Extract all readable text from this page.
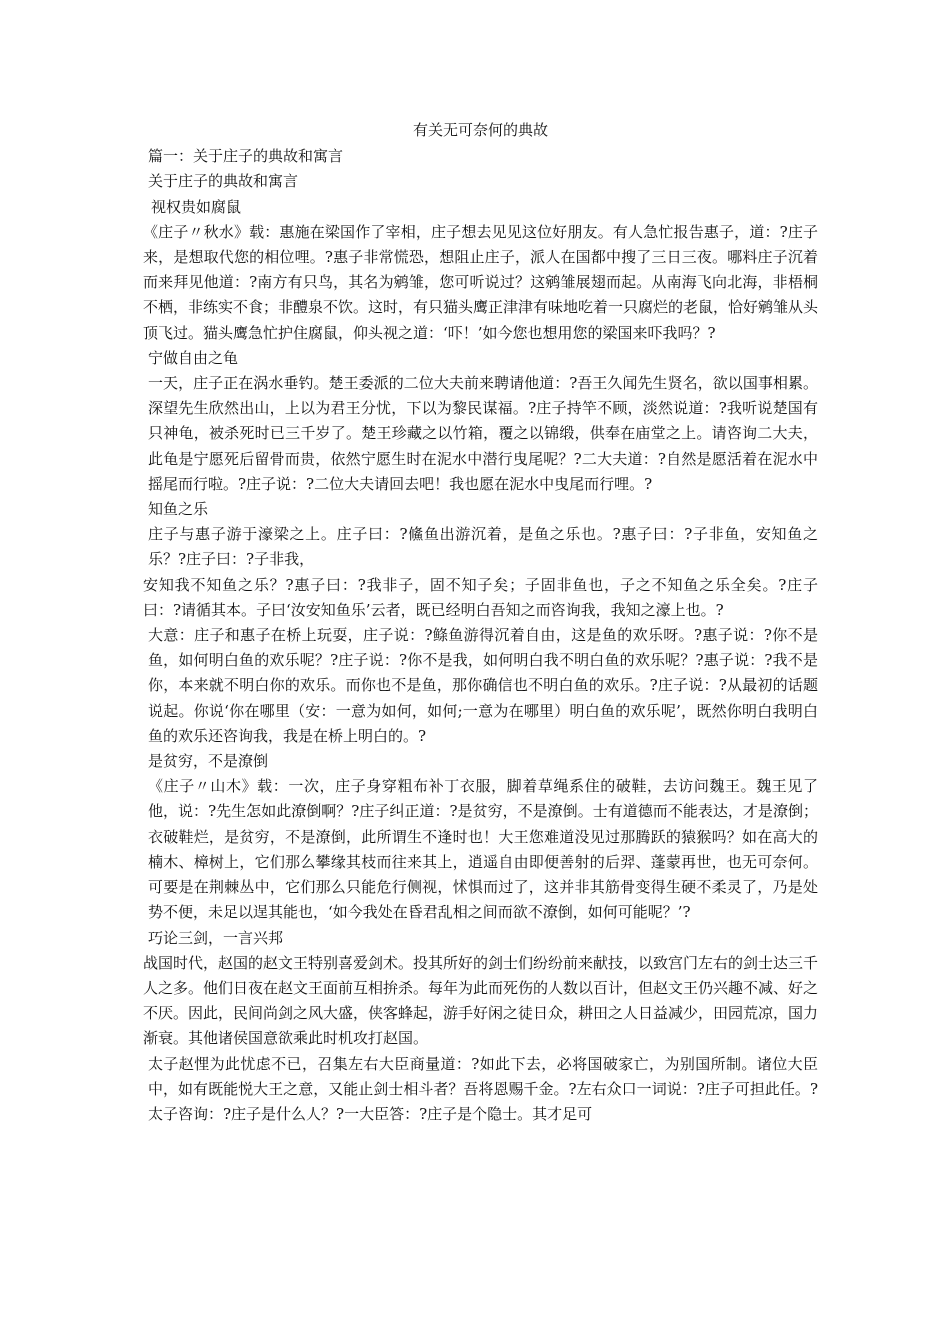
有关无可奈何的典故
篇一：关于庄子的典故和寓言
关于庄子的典故和寓言
视权贵如腐鼠
《庄子〃秋水》载：惠施在梁国作了宰相，庄子想去见见这位好朋友。有人急忙报告惠子，道：?庄子来，是想取代您的相位哩。?惠子非常慌恐，想阻止庄子，派人在国都中搜了三日三夜。哪料庄子沉着而来拜见他道：?南方有只鸟，其名为鹓雏，您可听说过？这鹓雏展翅而起。从南海飞向北海，非梧桐不栖，非练实不食；非醴泉不饮。这时，有只猫头鹰正津津有味地吃着一只腐烂的老鼠，恰好鹓雏从头顶飞过。猫头鹰急忙护住腐鼠，仰头视之道：‘吓！’如今您也想用您的梁国来吓我吗？?
宁做自由之龟
一天，庄子正在涡水垂钓。楚王委派的二位大夫前来聘请他道：?吾王久闻先生贤名，欲以国事相累。深望先生欣然出山，上以为君王分忧，下以为黎民谋福。?庄子持竿不顾，淡然说道：?我听说楚国有只神龟，被杀死时已三千岁了。楚王珍藏之以竹箱，覆之以锦缎，供奉在庙堂之上。请咨询二大夫，此龟是宁愿死后留骨而贵，依然宁愿生时在泥水中潜行曳尾呢？?二大夫道：?自然是愿活着在泥水中摇尾而行啦。?庄子说：?二位大夫请回去吧！我也愿在泥水中曳尾而行哩。?
知鱼之乐
庄子与惠子游于濠梁之上。庄子曰：?鯈鱼出游沉着，是鱼之乐也。?惠子曰：?子非鱼，安知鱼之乐？?庄子曰：?子非我，
安知我不知鱼之乐？?惠子曰：?我非子，固不知子矣；子固非鱼也，子之不知鱼之乐全矣。?庄子曰：?请循其本。子曰‘汝安知鱼乐’云者，既已经明白吾知之而咨询我，我知之濠上也。?
大意：庄子和惠子在桥上玩耍，庄子说：?鲦鱼游得沉着自由，这是鱼的欢乐呀。?惠子说：?你不是鱼，如何明白鱼的欢乐呢？?庄子说：?你不是我，如何明白我不明白鱼的欢乐呢？?惠子说：?我不是你，本来就不明白你的欢乐。而你也不是鱼，那你确信也不明白鱼的欢乐。?庄子说：?从最初的话题说起。你说‘你在哪里（安：一意为如何，如何;一意为在哪里）明白鱼的欢乐呢’，既然你明白我明白鱼的欢乐还咨询我，我是在桥上明白的。?
是贫穷，不是潦倒
《庄子〃山木》载：一次，庄子身穿粗布补丁衣服，脚着草绳系住的破鞋，去访问魏王。魏王见了他，说：?先生怎如此潦倒啊？?庄子纠正道：?是贫穷，不是潦倒。士有道德而不能表达，才是潦倒；衣破鞋烂，是贫穷，不是潦倒，此所谓生不逢时也！大王您难道没见过那腾跃的猿猴吗？如在高大的楠木、樟树上，它们那么攀缘其枝而往来其上，逍遥自由即便善射的后羿、蓬蒙再世，也无可奈何。可要是在荆棘丛中，它们那么只能危行侧视，怵惧而过了，这并非其筋骨变得生硬不柔灵了，乃是处势不便，未足以逞其能也，‘如今我处在昏君乱相之间而欲不潦倒，如何可能呢？’?
巧论三剑，一言兴邦
战国时代，赵国的赵文王特别喜爱剑术。投其所好的剑士们纷纷前来献技，以致宫门左右的剑士达三千人之多。他们日夜在赵文王面前互相拚杀。每年为此而死伤的人数以百计，但赵文王仍兴趣不减、好之不厌。因此，民间尚剑之风大盛，侠客蜂起，游手好闲之徒日众，耕田之人日益减少，田园荒凉，国力渐衰。其他诸侯国意欲乘此时机攻打赵国。
太子赵悝为此忧虑不已，召集左右大臣商量道：?如此下去，必将国破家亡，为别国所制。诸位大臣中，如有既能悦大王之意，又能止剑士相斗者？吾将恩赐千金。?左右众口一词说：?庄子可担此任。?太子咨询：?庄子是什么人？?一大臣答：?庄子是个隐士。其才足可
